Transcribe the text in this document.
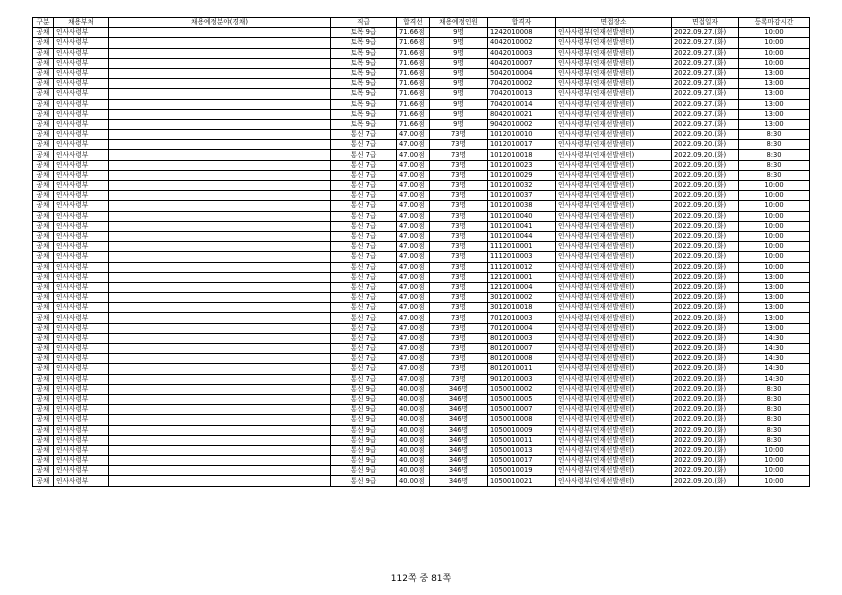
구분	채용부처	채용예정분야(경채)	직급	합격선	채용예정인원	합격자	면접장소	면접일자	등록마감시간
공채	인사사령부		토목 9급	71.66점	9명	1242010008	인사사령부(인재선발센터)	2022.09.27.(화)	10:00
공채	인사사령부		토목 9급	71.66점	9명	4042010002	인사사령부(인재선발센터)	2022.09.27.(화)	10:00
공채	인사사령부		토목 9급	71.66점	9명	4042010003	인사사령부(인재선발센터)	2022.09.27.(화)	10:00
공채	인사사령부		토목 9급	71.66점	9명	4042010007	인사사령부(인재선발센터)	2022.09.27.(화)	10:00
공채	인사사령부		토목 9급	71.66점	9명	5042010004	인사사령부(인재선발센터)	2022.09.27.(화)	13:00
공채	인사사령부		토목 9급	71.66점	9명	7042010002	인사사령부(인재선발센터)	2022.09.27.(화)	13:00
공채	인사사령부		토목 9급	71.66점	9명	7042010013	인사사령부(인재선발센터)	2022.09.27.(화)	13:00
공채	인사사령부		토목 9급	71.66점	9명	7042010014	인사사령부(인재선발센터)	2022.09.27.(화)	13:00
공채	인사사령부		토목 9급	71.66점	9명	8042010021	인사사령부(인재선발센터)	2022.09.27.(화)	13:00
공채	인사사령부		토목 9급	71.66점	9명	9042010002	인사사령부(인재선발센터)	2022.09.27.(화)	13:00
공채	인사사령부		통신 7급	47.00점	73명	1012010010	인사사령부(인재선발센터)	2022.09.20.(화)	8:30
공채	인사사령부		통신 7급	47.00점	73명	1012010017	인사사령부(인재선발센터)	2022.09.20.(화)	8:30
공채	인사사령부		통신 7급	47.00점	73명	1012010018	인사사령부(인재선발센터)	2022.09.20.(화)	8:30
공채	인사사령부		통신 7급	47.00점	73명	1012010023	인사사령부(인재선발센터)	2022.09.20.(화)	8:30
공채	인사사령부		통신 7급	47.00점	73명	1012010029	인사사령부(인재선발센터)	2022.09.20.(화)	8:30
공채	인사사령부		통신 7급	47.00점	73명	1012010032	인사사령부(인재선발센터)	2022.09.20.(화)	10:00
공채	인사사령부		통신 7급	47.00점	73명	1012010037	인사사령부(인재선발센터)	2022.09.20.(화)	10:00
공채	인사사령부		통신 7급	47.00점	73명	1012010038	인사사령부(인재선발센터)	2022.09.20.(화)	10:00
공채	인사사령부		통신 7급	47.00점	73명	1012010040	인사사령부(인재선발센터)	2022.09.20.(화)	10:00
공채	인사사령부		통신 7급	47.00점	73명	1012010041	인사사령부(인재선발센터)	2022.09.20.(화)	10:00
공채	인사사령부		통신 7급	47.00점	73명	1012010044	인사사령부(인재선발센터)	2022.09.20.(화)	10:00
공채	인사사령부		통신 7급	47.00점	73명	1112010001	인사사령부(인재선발센터)	2022.09.20.(화)	10:00
공채	인사사령부		통신 7급	47.00점	73명	1112010003	인사사령부(인재선발센터)	2022.09.20.(화)	10:00
공채	인사사령부		통신 7급	47.00점	73명	1112010012	인사사령부(인재선발센터)	2022.09.20.(화)	10:00
공채	인사사령부		통신 7급	47.00점	73명	1212010001	인사사령부(인재선발센터)	2022.09.20.(화)	13:00
공채	인사사령부		통신 7급	47.00점	73명	1212010004	인사사령부(인재선발센터)	2022.09.20.(화)	13:00
공채	인사사령부		통신 7급	47.00점	73명	3012010002	인사사령부(인재선발센터)	2022.09.20.(화)	13:00
공채	인사사령부		통신 7급	47.00점	73명	3012010018	인사사령부(인재선발센터)	2022.09.20.(화)	13:00
공채	인사사령부		통신 7급	47.00점	73명	7012010003	인사사령부(인재선발센터)	2022.09.20.(화)	13:00
공채	인사사령부		통신 7급	47.00점	73명	7012010004	인사사령부(인재선발센터)	2022.09.20.(화)	13:00
공채	인사사령부		통신 7급	47.00점	73명	8012010003	인사사령부(인재선발센터)	2022.09.20.(화)	14:30
공채	인사사령부		통신 7급	47.00점	73명	8012010007	인사사령부(인재선발센터)	2022.09.20.(화)	14:30
공채	인사사령부		통신 7급	47.00점	73명	8012010008	인사사령부(인재선발센터)	2022.09.20.(화)	14:30
공채	인사사령부		통신 7급	47.00점	73명	8012010011	인사사령부(인재선발센터)	2022.09.20.(화)	14:30
공채	인사사령부		통신 7급	47.00점	73명	9012010003	인사사령부(인재선발센터)	2022.09.20.(화)	14:30
공채	인사사령부		통신 9급	40.00점	346명	1050010002	인사사령부(인재선발센터)	2022.09.20.(화)	8:30
공채	인사사령부		통신 9급	40.00점	346명	1050010005	인사사령부(인재선발센터)	2022.09.20.(화)	8:30
공채	인사사령부		통신 9급	40.00점	346명	1050010007	인사사령부(인재선발센터)	2022.09.20.(화)	8:30
공채	인사사령부		통신 9급	40.00점	346명	1050010008	인사사령부(인재선발센터)	2022.09.20.(화)	8:30
공채	인사사령부		통신 9급	40.00점	346명	1050010009	인사사령부(인재선발센터)	2022.09.20.(화)	8:30
공채	인사사령부		통신 9급	40.00점	346명	1050010011	인사사령부(인재선발센터)	2022.09.20.(화)	8:30
공채	인사사령부		통신 9급	40.00점	346명	1050010013	인사사령부(인재선발센터)	2022.09.20.(화)	10:00
공채	인사사령부		통신 9급	40.00점	346명	1050010017	인사사령부(인재선발센터)	2022.09.20.(화)	10:00
공채	인사사령부		통신 9급	40.00점	346명	1050010019	인사사령부(인재선발센터)	2022.09.20.(화)	10:00
공채	인사사령부		통신 9급	40.00점	346명	1050010021	인사사령부(인재선발센터)	2022.09.20.(화)	10:00
112쪽 중 81쪽
